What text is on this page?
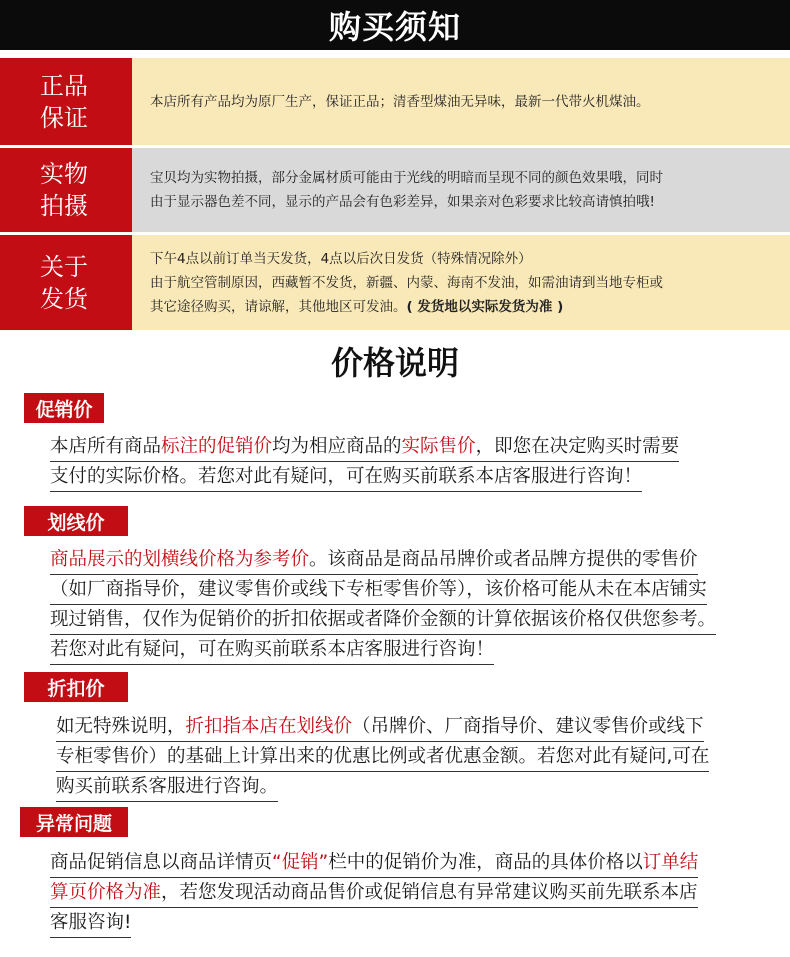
购买须知
正品
保证
本店所有产品均为原厂生产，保证正品；清香型煤油无异味，最新一代带火机煤油。
实物
拍摄
宝贝均为实物拍摄，部分金属材质可能由于光线的明暗而呈现不同的颜色效果哦，同时
由于显示器色差不同，显示的产品会有色彩差异，如果亲对色彩要求比较高请慎拍哦!
关于
发货
下午4点以前订单当天发货，4点以后次日发货（特殊情况除外）
由于航空管制原因，西藏暂不发货，新疆、内蒙、海南不发油，如需油请到当地专柜或
其它途径购买，请谅解，其他地区可发油。( 发货地以实际发货为准 )
价格说明
促销价
本店所有商品标注的促销价均为相应商品的实际售价，即您在决定购买时需要
支付的实际价格。若您对此有疑问，可在购买前联系本店客服进行咨询！
划线价
商品展示的划横线价格为参考价。该商品是商品吊牌价或者品牌方提供的零售价
（如厂商指导价，建议零售价或线下专柜零售价等），该价格可能从未在本店铺实
现过销售，仅作为促销价的折扣依据或者降价金额的计算依据该价格仅供您参考。
若您对此有疑问，可在购买前联系本店客服进行咨询！
折扣价
如无特殊说明，折扣指本店在划线价（吊牌价、厂商指导价、建议零售价或线下
专柜零售价）的基础上计算出来的优惠比例或者优惠金额。若您对此有疑问,可在
购买前联系客服进行咨询。
异常问题
商品促销信息以商品详情页“促销”栏中的促销价为准，商品的具体价格以订单结
算页价格为准，若您发现活动商品售价或促销信息有异常建议购买前先联系本店
客服咨询!
